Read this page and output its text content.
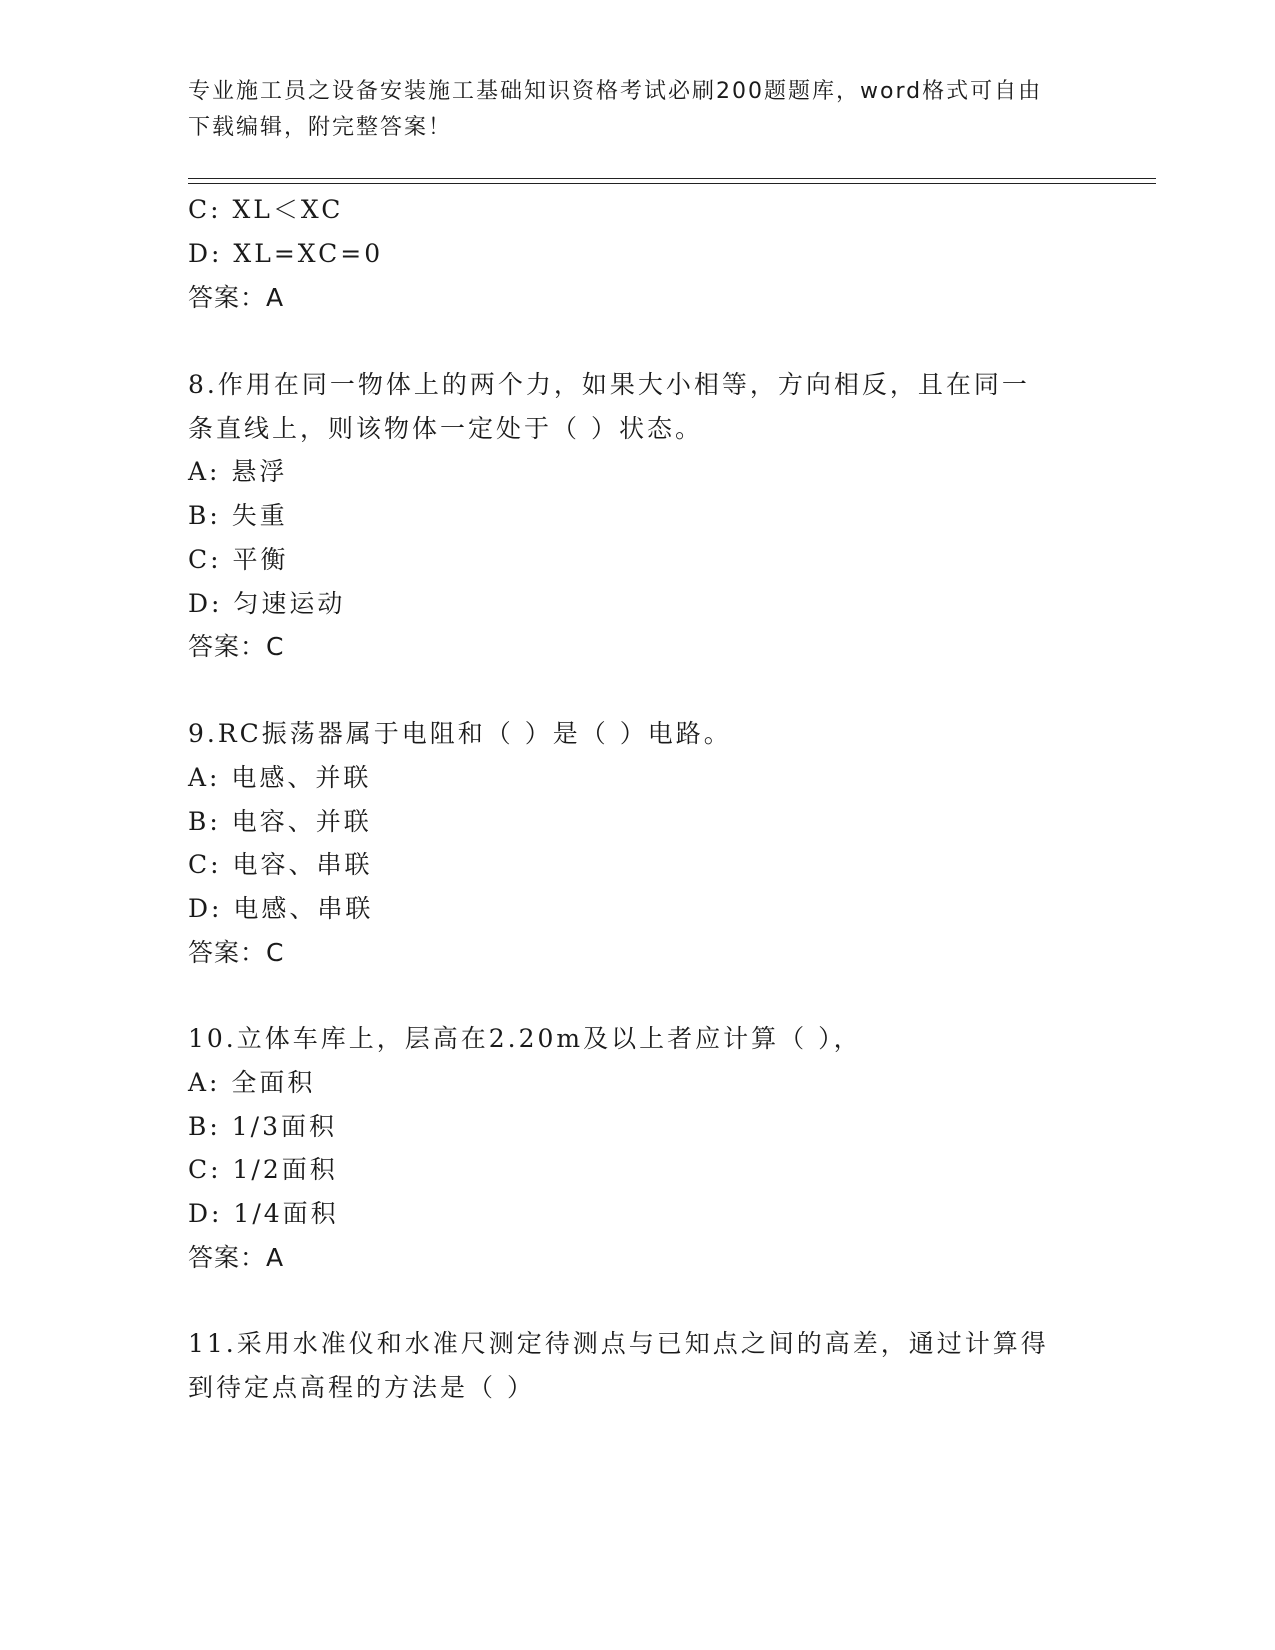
专业施工员之设备安装施工基础知识资格考试必刷200题题库，word格式可自由
下载编辑，附完整答案！
C: XL＜XC
D: XL=XC=0
答案：A
8.作用在同一物体上的两个力，如果大小相等，方向相反，且在同一
条直线上，则该物体一定处于（ ）状态。
A: 悬浮
B: 失重
C: 平衡
D: 匀速运动
答案：C
9.RC振荡器属于电阻和（ ）是（ ）电路。
A: 电感、并联
B: 电容、并联
C: 电容、串联
D: 电感、串联
答案：C
10.立体车库上，层高在2.20m及以上者应计算（ ），
A: 全面积
B: 1/3面积
C: 1/2面积
D: 1/4面积
答案：A
11.采用水准仪和水准尺测定待测点与已知点之间的高差，通过计算得
到待定点高程的方法是（ ）
